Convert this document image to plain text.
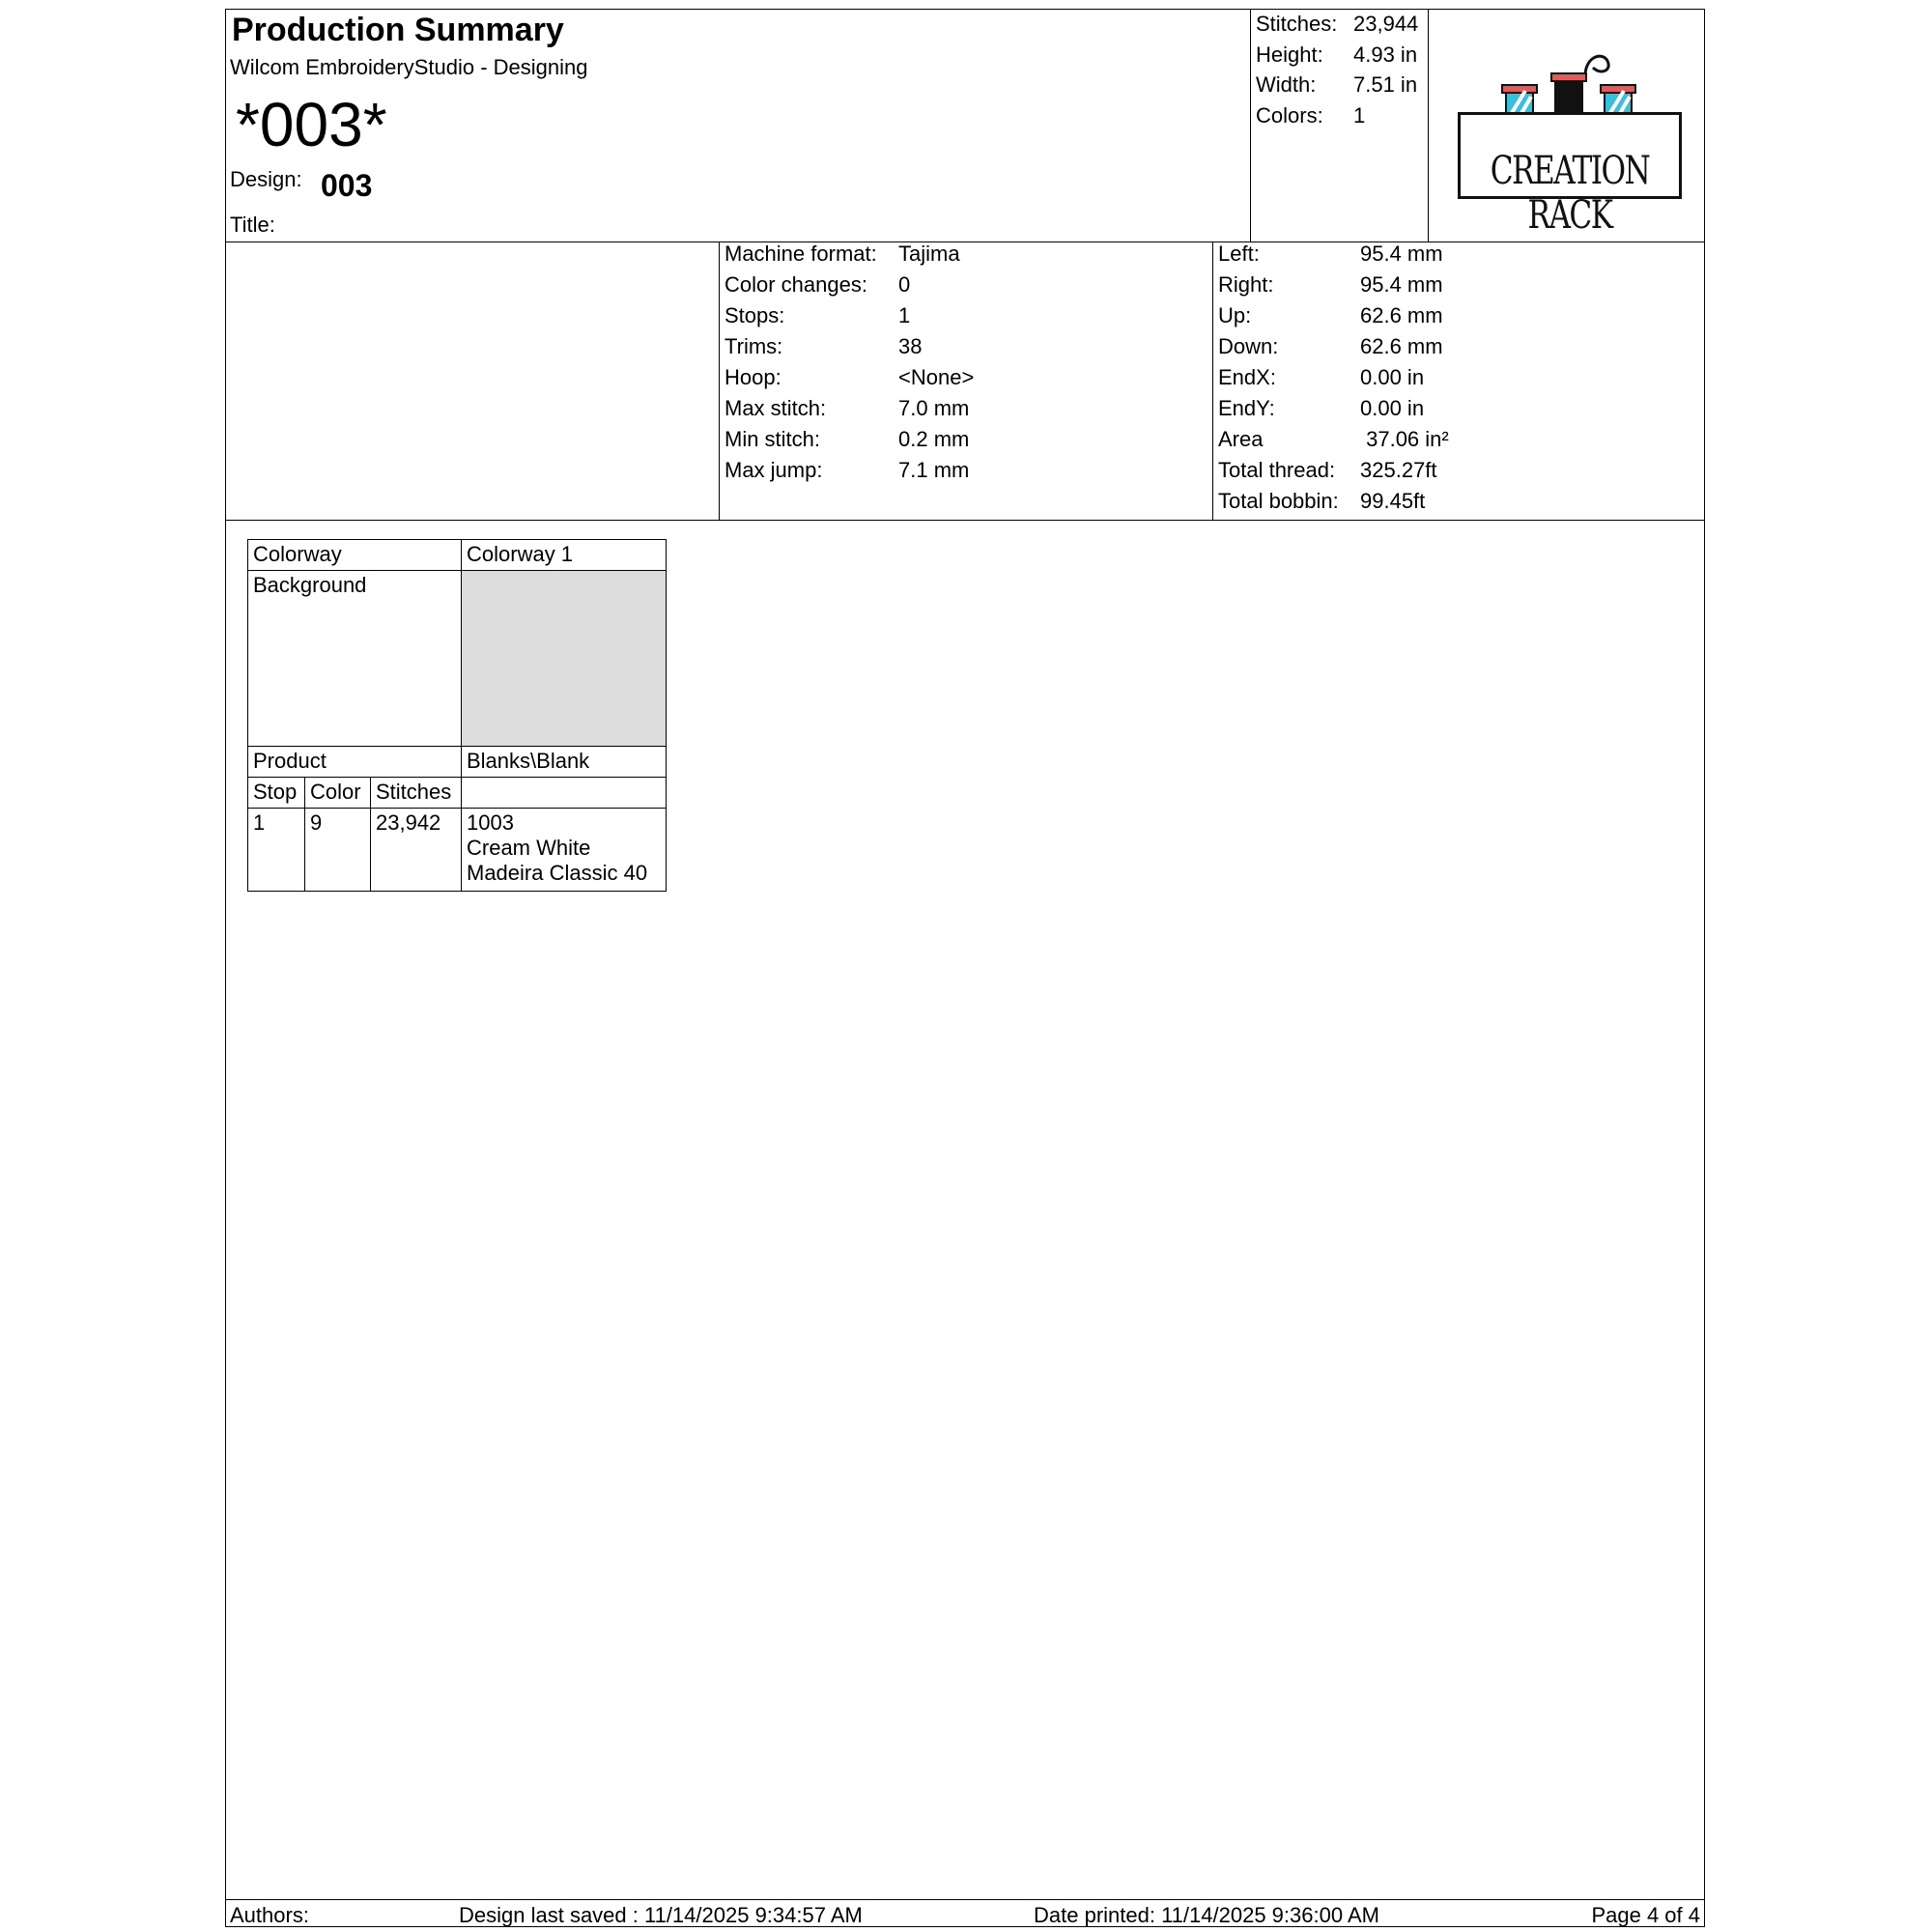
Production Summary
Wilcom EmbroideryStudio - Designing
*003*
Design: 003
Title:
Stitches: 23,944
Height: 4.93 in
Width: 7.51 in
Colors: 1
CREATION RACK
Machine format: Tajima
Color changes: 0
Stops:	1
Trims:	38
Hoop:	<None>
Max stitch:	7.0 mm
Min stitch:	0.2 mm
Max jump:	7.1 mm
Left:	95.4 mm
Right:	95.4 mm
Up:	62.6 mm
Down:	62.6 mm
EndX:	0.00 in
EndY:	0.00 in
Area	37.06 in²
Total thread: 325.27ft
Total bobbin: 99.45ft
Colorway			Colorway 1
Background			
Product			Blanks\Blank
Stop	Color	Stitches	
1	9	23,942	1003
Cream White
Madeira Classic 40
Authors:	Design last saved : 11/14/2025 9:34:57 AM	Date printed: 11/14/2025 9:36:00 AM	Page 4 of 4
